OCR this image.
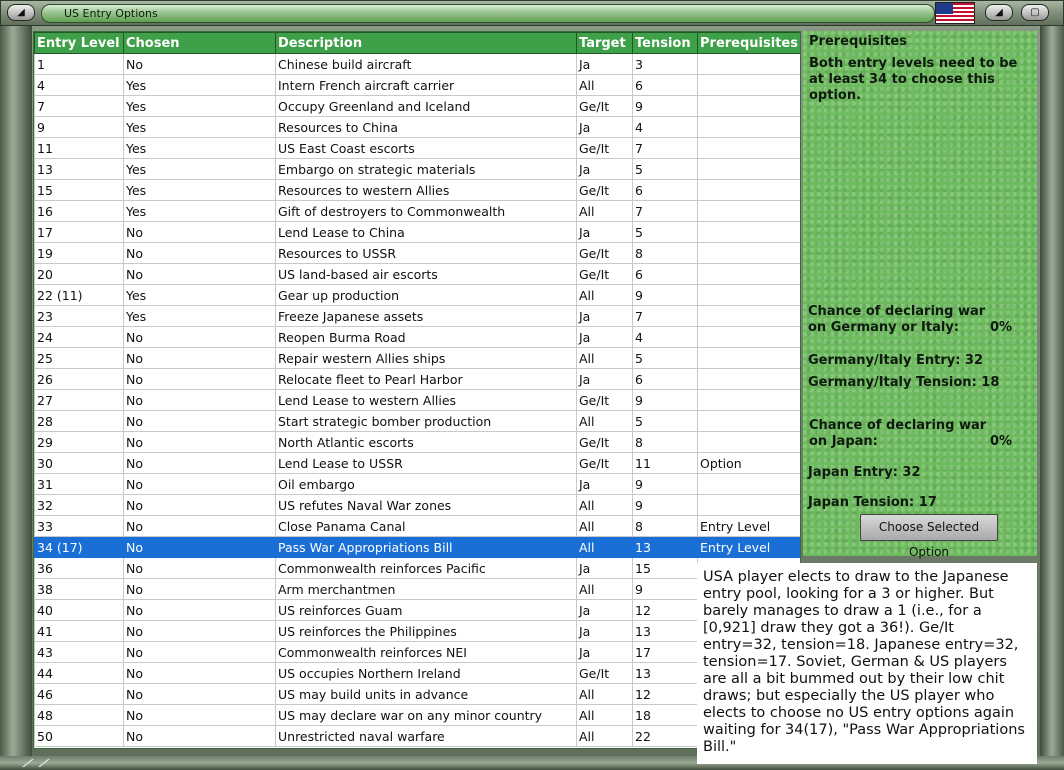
◢	US Entry Options	◢	▢
Entry Level	Chosen	Description	Target	Tension	Prerequisites
1	No	Chinese build aircraft	Ja	3	
4	Yes	Intern French aircraft carrier	All	6	
7	Yes	Occupy Greenland and Iceland	Ge/It	9	
9	Yes	Resources to China	Ja	4	
11	Yes	US East Coast escorts	Ge/It	7	
13	Yes	Embargo on strategic materials	Ja	5	
15	Yes	Resources to western Allies	Ge/It	6	
16	Yes	Gift of destroyers to Commonwealth	All	7	
17	No	Lend Lease to China	Ja	5	
19	No	Resources to USSR	Ge/It	8	
20	No	US land-based air escorts	Ge/It	6	
22 (11)	Yes	Gear up production	All	9	
23	Yes	Freeze Japanese assets	Ja	7	
24	No	Reopen Burma Road	Ja	4	
25	No	Repair western Allies ships	All	5	
26	No	Relocate fleet to Pearl Harbor	Ja	6	
27	No	Lend Lease to western Allies	Ge/It	9	
28	No	Start strategic bomber production	All	5	
29	No	North Atlantic escorts	Ge/It	8	
30	No	Lend Lease to USSR	Ge/It	11	Option
31	No	Oil embargo	Ja	9	
32	No	US refutes Naval War zones	All	9	
33	No	Close Panama Canal	All	8	Entry Level
34 (17)	No	Pass War Appropriations Bill	All	13	Entry Level
36	No	Commonwealth reinforces Pacific	Ja	15	
38	No	Arm merchantmen	All	9	
40	No	US reinforces Guam	Ja	12	
41	No	US reinforces the Philippines	Ja	13	
43	No	Commonwealth reinforces NEI	Ja	17	
44	No	US occupies Northern Ireland	Ge/It	13	
46	No	US may build units in advance	All	12	
48	No	US may declare war on any minor country	All	18	
50	No	Unrestricted naval warfare	All	22	
Prerequisites
Both entry levels need to be
at least 34 to choose this
option.
Chance of declaring war
on Germany or Italy: 0%
Germany/Italy Entry: 32
Germany/Italy Tension: 18
Chance of declaring war
on Japan:	0%
Japan Entry: 32
Japan Tension: 17
Choose Selected Option
USA player elects to draw to the Japanese entry pool, looking for a 3 or higher. But barely manages to draw a 1 (i.e., for a [0,921] draw they got a 36!). Ge/It entry=32, tension=18. Japanese entry=32, tension=17. Soviet, German & US players are all a bit bummed out by their low chit draws; but especially the US player who elects to choose no US entry options again waiting for 34(17), "Pass War Appropriations Bill."
